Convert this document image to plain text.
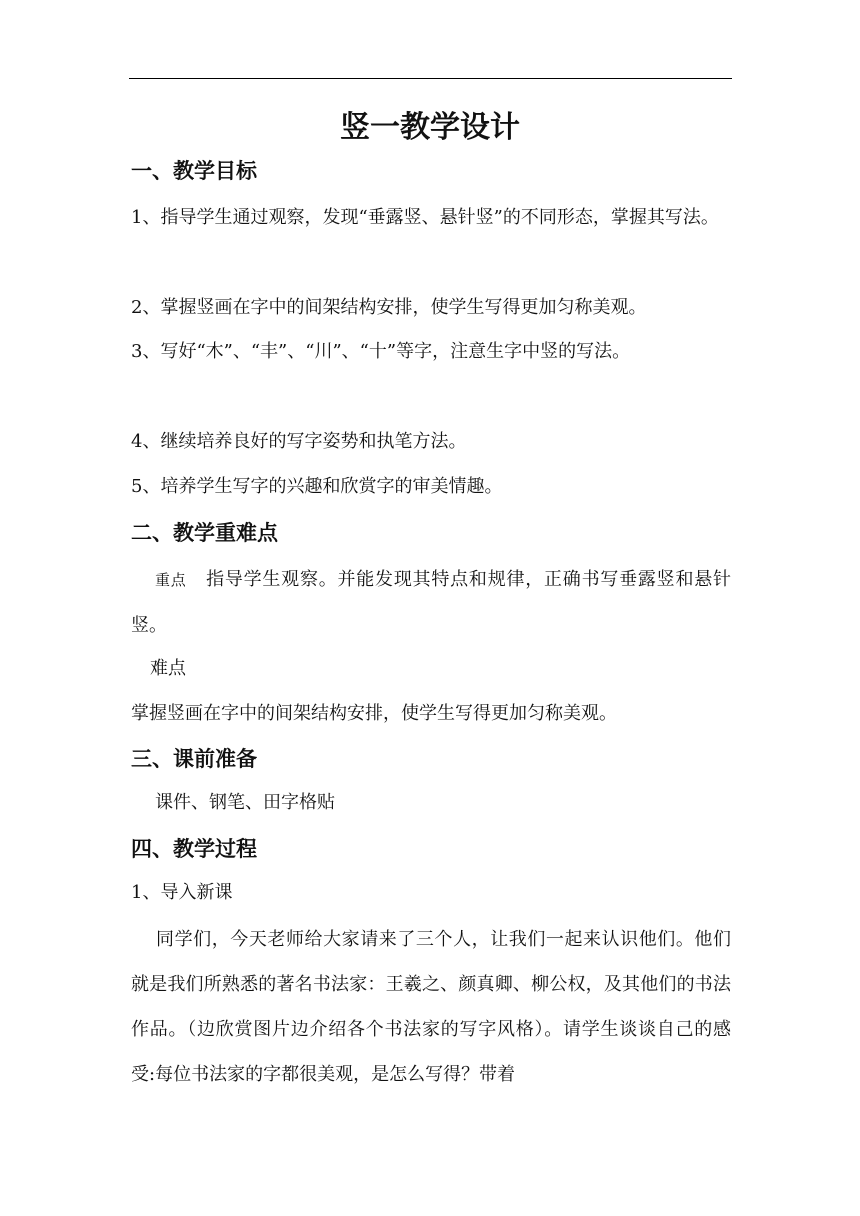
竖一教学设计
一、教学目标
1、指导学生通过观察，发现“垂露竖、悬针竖”的不同形态，掌握其写法。
2、掌握竖画在字中的间架结构安排，使学生写得更加匀称美观。
3、写好“木”、“丰”、“川”、“十”等字，注意生字中竖的写法。
4、继续培养良好的写字姿势和执笔方法。
5、培养学生写字的兴趣和欣赏字的审美情趣。
二、教学重难点
重点 指导学生观察。并能发现其特点和规律，正确书写垂露竖和悬针竖。
难点
掌握竖画在字中的间架结构安排，使学生写得更加匀称美观。
三、课前准备
课件、钢笔、田字格贴
四、教学过程
1、导入新课
同学们，今天老师给大家请来了三个人，让我们一起来认识他们。他们就是我们所熟悉的著名书法家：王羲之、颜真卿、柳公权，及其他们的书法作品。（边欣赏图片边介绍各个书法家的写字风格）。请学生谈谈自己的感受:每位书法家的字都很美观，是怎么写得？带着
